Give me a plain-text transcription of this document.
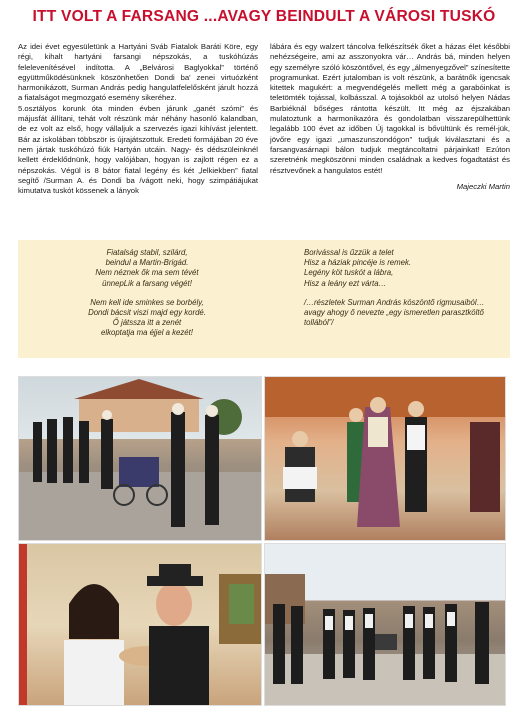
ITT VOLT A FARSANG ...AVAGY BEINDULT A VÁROSI TUSKÓ

Az idei évet egyesületünk a Hartyáni Sváb Fiatalok Baráti Köre, egy régi, kihalt hartyáni farsangi népszokás, a tuskóhúzás felelevenítésével indította. A „Belvárosi Baglyokkal” történő együttműködésünknek köszönhetően Dondi ba' zenei virtuózként harmonikázott, Surman András pedig hangulatfelelősként járult hozzá a fiatalságot megmozgató esemény sikeréhez.

5.osztályos korunk óta minden évben járunk „ganét szómi” és májusfát állítani, tehát volt részünk már néhány hasonló kalandban, de ez volt az első, hogy vállaljuk a szervezés igazi kihívást jelentett. Bár az iskolában többször is újrajátszottuk. Eredeti formájában 20 éve nem jártak tuskóhúzó fiúk Hartyán utcáin. Nagy- és dédszüleinknél kellett érdeklődnünk, hogy valójában, hogyan is zajlott régen ez a népszokás. Végül is 8 bátor fiatal legény és két „lelkiekben” fiatal segítő /Surman A. és Dondi ba /vágott neki, hogy szimpátiájukat kimutatva tuskót kössenek a lányok

lábára és egy walzert táncolva felkészítsék őket a házas élet későbbi nehézségeire, ami az asszonyokra vár… András bá, minden helyen egy személyre szóló köszöntővel, és egy „álmenyegzővel” színesítette programunkat. Ezért jutalomban is volt részünk, a barátnők igencsak kitettek magukért: a megvendégelés mellett még a garabóinkat is teletömték tojással, kolbásszal. A tojásokból az utolsó helyen Nádas Barbiéknál bőséges rántotta készült. Itt még az éjszakában mulatoztunk a harmonikazóra és gondolatban visszarepülhettünk legalább 100 évet az időben Új tagokkal is bővültünk és remél-jük, jövőre egy igazi „umaszunszondógon” tudjuk kiválasztani és a farsangvasárnapi bálon tudjuk megtáncoltatni párjainkat! Ezúton szeretnénk megköszönni minden családnak a kedves fogadtatást és résztvevőnek a hangulatos estét!

Majeczki Martin
Fiatalság stabil, szilárd,
beindul a Martin-Brigád.
Nem néznek ők ma sem tévét
ünnepLik a farsang végét!
Nem kell ide sminkes se borbély,
Dondi bácsit viszi majd egy kordé.
Ő játssza itt a zenét
elkoptatja ma éjjel a kezét!
Borivással is űzzük a telet
Hisz a háziak pincéje is remek.
Legény köt tuskót a lábra,
Hisz a leány ezt várta…
/…részletek Surman András köszöntő rigmusaiból…
avagy ahogy ő nevezte „egy ismeretlen parasztköltő
tollából”/
